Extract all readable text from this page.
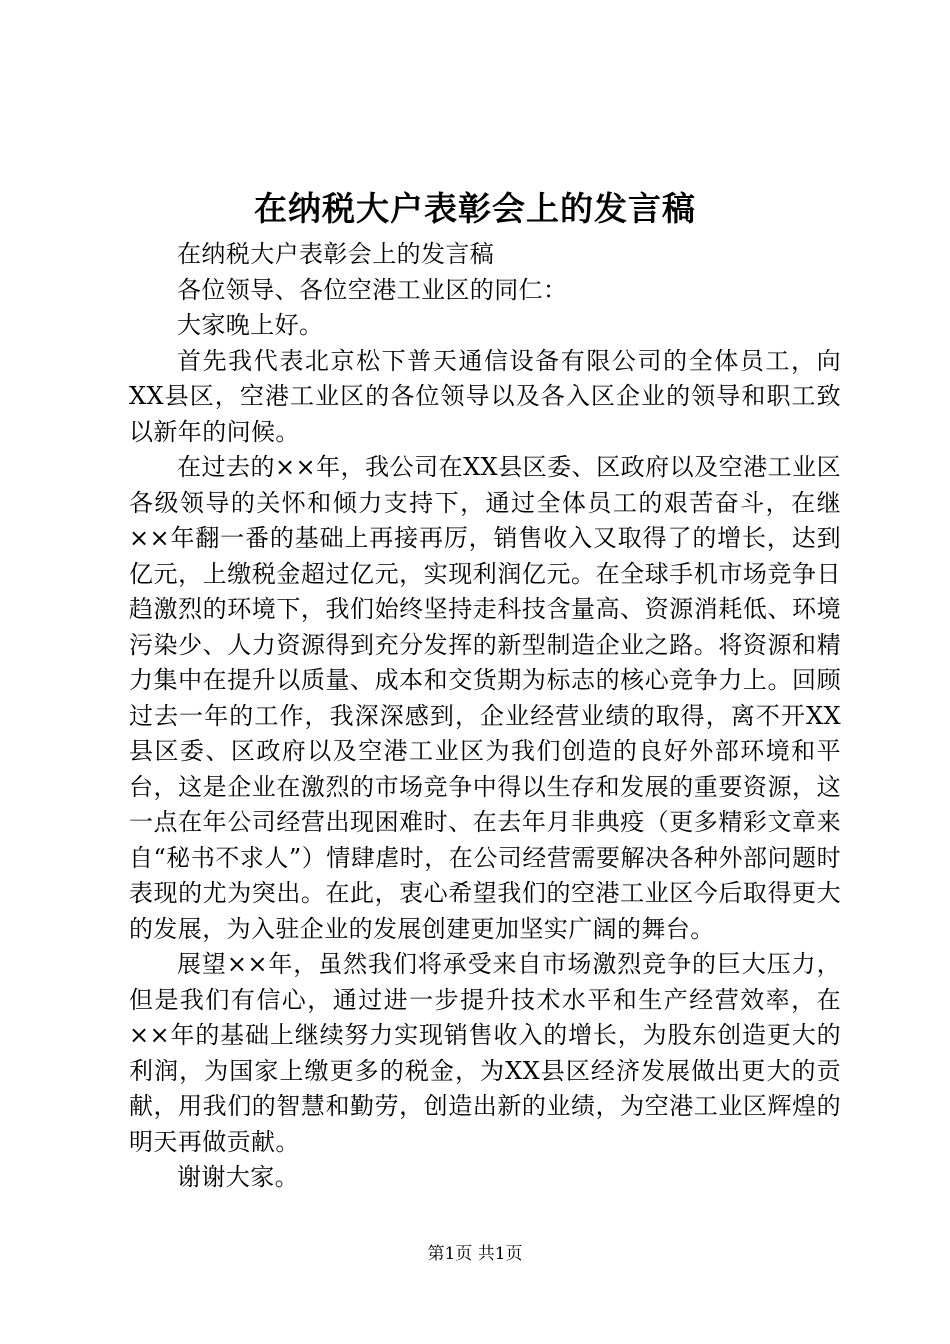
在纳税大户表彰会上的发言稿

在纳税大户表彰会上的发言稿

各位领导、各位空港工业区的同仁：

大家晚上好。

首先我代表北京松下普天通信设备有限公司的全体员工，向XX县区，空港工业区的各位领导以及各入区企业的领导和职工致以新年的问候。

在过去的××年，我公司在XX县区委、区政府以及空港工业区各级领导的关怀和倾力支持下，通过全体员工的艰苦奋斗，在继××年翻一番的基础上再接再厉，销售收入又取得了的增长，达到亿元，上缴税金超过亿元，实现利润亿元。在全球手机市场竞争日趋激烈的环境下，我们始终坚持走科技含量高、资源消耗低、环境污染少、人力资源得到充分发挥的新型制造企业之路。将资源和精力集中在提升以质量、成本和交货期为标志的核心竞争力上。回顾过去一年的工作，我深深感到，企业经营业绩的取得，离不开XX县区委、区政府以及空港工业区为我们创造的良好外部环境和平台，这是企业在激烈的市场竞争中得以生存和发展的重要资源，这一点在年公司经营出现困难时、在去年月非典疫（更多精彩文章来自“秘书不求人”）情肆虐时，在公司经营需要解决各种外部问题时表现的尤为突出。在此，衷心希望我们的空港工业区今后取得更大的发展，为入驻企业的发展创建更加坚实广阔的舞台。

展望××年，虽然我们将承受来自市场激烈竞争的巨大压力，但是我们有信心，通过进一步提升技术水平和生产经营效率，在××年的基础上继续努力实现销售收入的增长，为股东创造更大的利润，为国家上缴更多的税金，为XX县区经济发展做出更大的贡献，用我们的智慧和勤劳，创造出新的业绩，为空港工业区辉煌的明天再做贡献。

谢谢大家。

第1页 共1页
